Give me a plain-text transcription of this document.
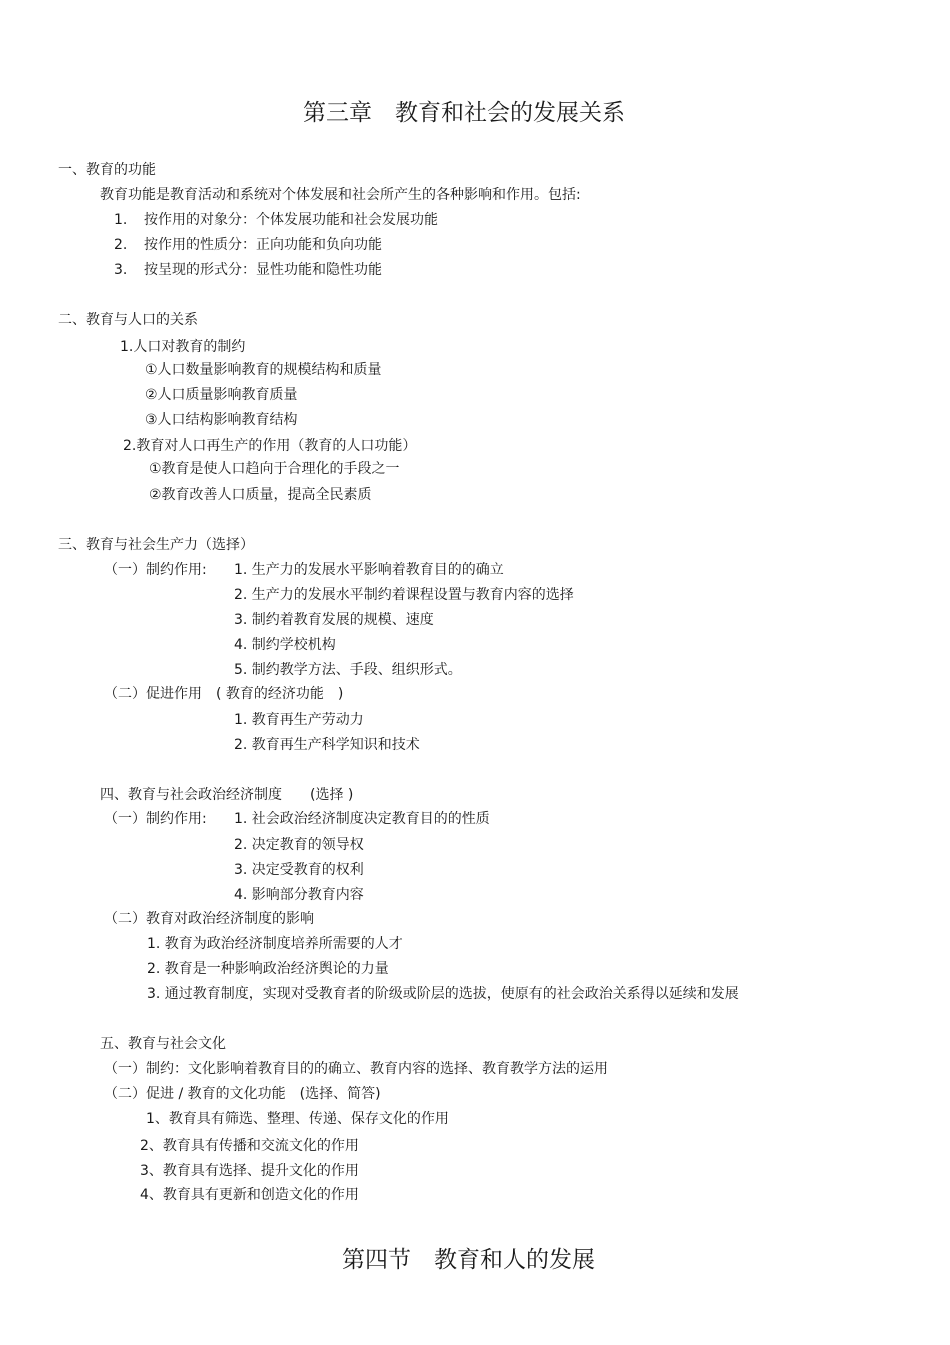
第三章　教育和社会的发展关系
一、教育的功能
教育功能是教育活动和系统对个体发展和社会所产生的各种影响和作用。包括:
1. 按作用的对象分：个体发展功能和社会发展功能
2. 按作用的性质分：正向功能和负向功能
3. 按呈现的形式分：显性功能和隐性功能
二、教育与人口的关系
1.人口对教育的制约
①人口数量影响教育的规模结构和质量
②人口质量影响教育质量
③人口结构影响教育结构
2.教育对人口再生产的作用（教育的人口功能）
①教育是使人口趋向于合理化的手段之一
②教育改善人口质量，提高全民素质
三、教育与社会生产力（选择）
（一）制约作用: 1. 生产力的发展水平影响着教育目的的确立
2. 生产力的发展水平制约着课程设置与教育内容的选择
3. 制约着教育发展的规模、速度
4. 制约学校机构
5. 制约教学方法、手段、组织形式。
（二）促进作用　( 教育的经济功能　)
1. 教育再生产劳动力
2. 教育再生产科学知识和技术
四、教育与社会政治经济制度　　(选择 )
（一）制约作用: 1. 社会政治经济制度决定教育目的的性质
2. 决定教育的领导权
3. 决定受教育的权利
4. 影响部分教育内容
（二）教育对政治经济制度的影响
1. 教育为政治经济制度培养所需要的人才
2. 教育是一种影响政治经济舆论的力量
3. 通过教育制度，实现对受教育者的阶级或阶层的选拔，使原有的社会政治关系得以延续和发展
五、教育与社会文化
（一）制约：文化影响着教育目的的确立、教育内容的选择、教育教学方法的运用
（二）促进 / 教育的文化功能　(选择、简答)
1、教育具有筛选、整理、传递、保存文化的作用
2、教育具有传播和交流文化的作用
3、教育具有选择、提升文化的作用
4、教育具有更新和创造文化的作用
第四节　教育和人的发展
